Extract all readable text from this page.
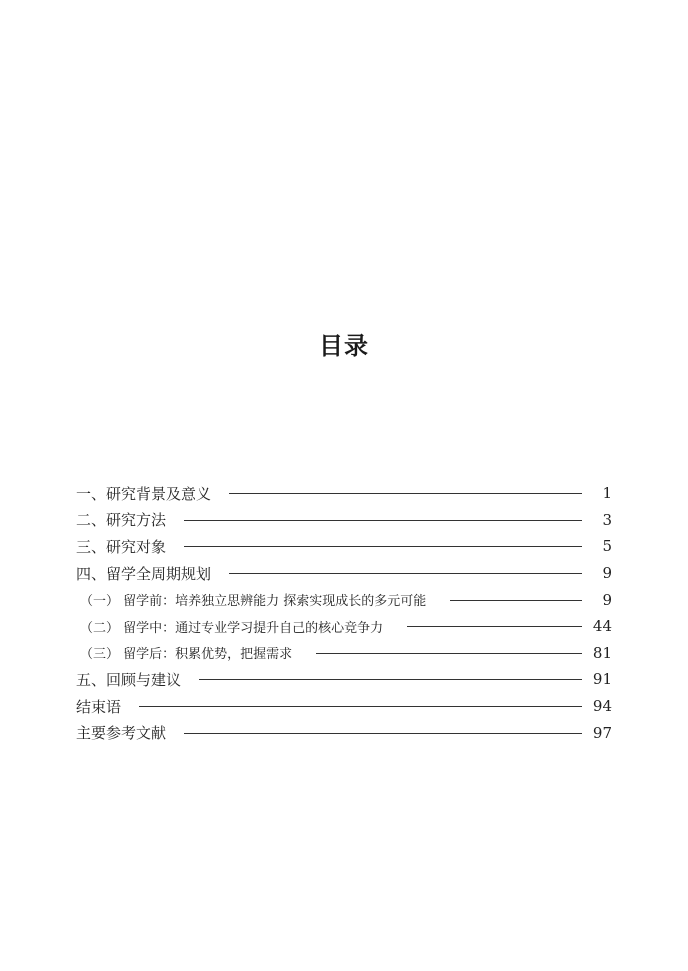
目录
一、研究背景及意义	1
二、研究方法	3
三、研究对象	5
四、留学全周期规划	9
（一） 留学前：培养独立思辨能力 探索实现成长的多元可能	9
（二） 留学中：通过专业学习提升自己的核心竞争力	44
（三） 留学后：积累优势，把握需求	81
五、回顾与建议	91
结束语	94
主要参考文献	97
